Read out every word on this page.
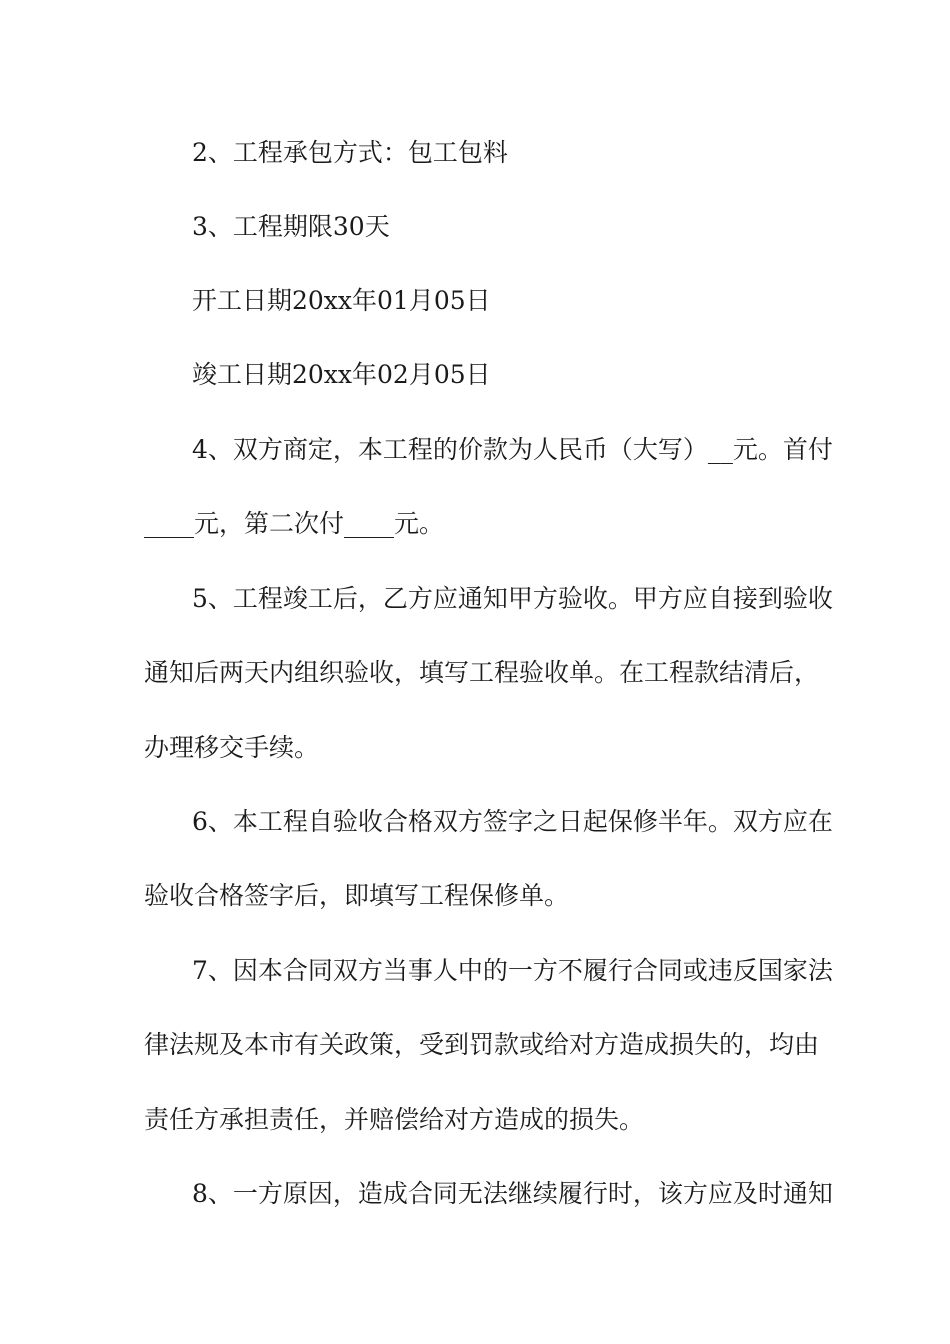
2、工程承包方式：包工包料
3、工程期限30天
开工日期20xx年01月05日
竣工日期20xx年02月05日
4、双方商定，本工程的价款为人民币（大写）__元。首付
____元，第二次付____元。
5、工程竣工后，乙方应通知甲方验收。甲方应自接到验收
通知后两天内组织验收，填写工程验收单。在工程款结清后，
办理移交手续。
6、本工程自验收合格双方签字之日起保修半年。双方应在
验收合格签字后，即填写工程保修单。
7、因本合同双方当事人中的一方不履行合同或违反国家法
律法规及本市有关政策，受到罚款或给对方造成损失的，均由
责任方承担责任，并赔偿给对方造成的损失。
8、一方原因，造成合同无法继续履行时，该方应及时通知
